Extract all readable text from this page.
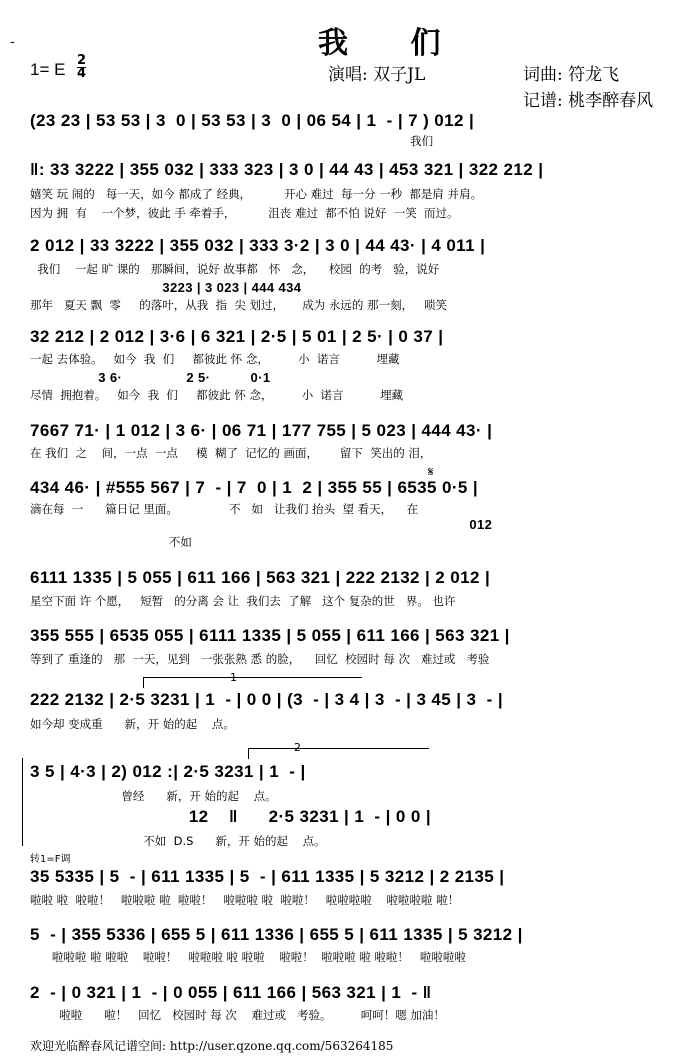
我 们
-
1= E 2
4	演唱: 双子JL	词曲: 符龙飞
记谱: 桃李醉春风
(23 23 | 53 53 | 3  0 | 53 53 | 3  0 | 06 54 | 1  - | 7 ) 012 |
我们
‖: 33 3222 | 355 032 | 333 323 | 3 0 | 44 43 | 453 321 | 322 212 |
嬉笑 玩 闹的   每一天，如今 都成了 经典，         开心 难过  每一分 一秒  都是肩 并肩。
因为 拥  有    一个梦，彼此 手 牵着手，         沮丧 难过  都不怕 说好  一笑  而过。
2 012 | 33 3222 | 355 032 | 333 3·2 | 3 0 | 44 43· | 4 011 |
我们    一起 旷 课的   那瞬间，说好 故事都   怀   念，    校园  的考   验，说好
3223 | 3 023 | 444 434
那年   夏天 飘  零     的落叶，从我  指  尖 划过，     成为 永远的 那一刻，   唢笑
32 212 | 2 012 | 3·6 | 6 321 | 2·5 | 5 01 | 2 5· | 0 37 |
一起 去体验。   如今  我  们     都彼此 怀 念，        小  诺言          埋藏
3 6·                2 5·          0·1
尽情  拥抱着。   如今  我  们     都彼此 怀 念，        小  诺言          埋藏
7667 71· | 1 012 | 3 6· | 06 71 | 177 755 | 5 023 | 444 43· |
在 我们  之    间，一点  一点     模  糊了  记忆的 画面，      留下  笑出的 泪，
𝄋
434 46· | #555 567 | 7  - | 7  0 | 1  2 | 355 55 | 6535 0·5 |
滴在每  一      篇日记 里面。              不   如   让我们 抬头  望 看天，    在
012
不如
6111 1335 | 5 055 | 611 166 | 563 321 | 222 2132 | 2 012 |
星空下面 许 个愿，   短暂   的分离 会 让  我们去  了解   这个 复杂的世   界。 也许
355 555 | 6535 055 | 6111 1335 | 5 055 | 611 166 | 563 321 |
等到了 重逢的   那  一天，见到   一张张熟 悉 的脸，    回忆  校园时 每 次   难过或   考验
1
222 2132 | 2·5 3231 | 1  - | 0 0 | (3  - | 3 4 | 3  - | 3 45 | 3  - |
如今却 变成重      新，开 始的起    点。
2
3 5 | 4·3 | 2) 012 :| 2·5 3231 | 1  - |
曾经      新，开 始的起    点。
12    ‖      2·5 3231 | 1  - | 0 0 |
不如  D.S      新，开 始的起    点。
转1=F调
35 5335 | 5  - | 611 1335 | 5  - | 611 1335 | 5 3212 | 2 2135 |
啦啦 啦  啦啦！   啦啦啦 啦  啦啦！   啦啦啦 啦  啦啦！   啦啦啦啦    啦啦啦啦 啦！
5  - | 355 5336 | 655 5 | 611 1336 | 655 5 | 611 1335 | 5 3212 |
啦啦啦 啦 啦啦    啦啦！   啦啦啦 啦 啦啦    啦啦！  啦啦啦 啦 啦啦！   啦啦啦啦
2  - | 0 321 | 1  - | 0 055 | 611 166 | 563 321 | 1  - ‖
啦啦      啦！   回忆   校园时 每 次    难过或   考验。        呵呵！嗯 加油！
欢迎光临醉春风记谱空间: http://user.qzone.qq.com/563264185
